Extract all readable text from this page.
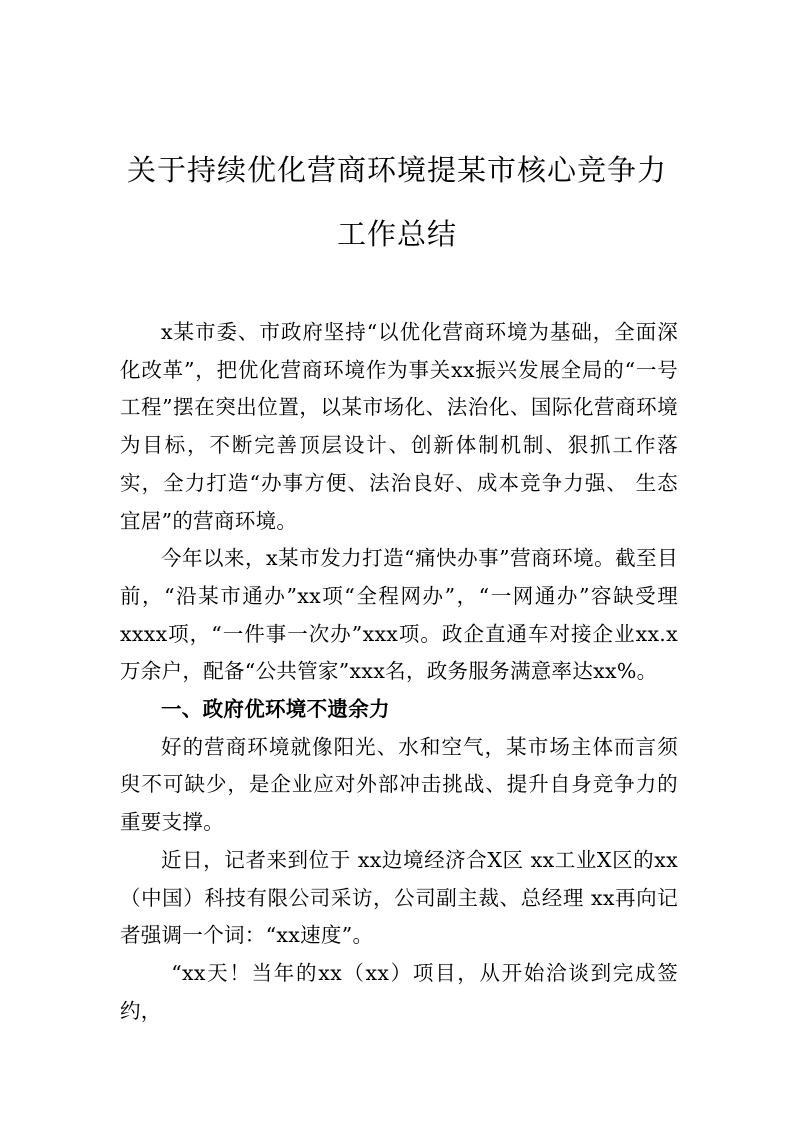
关于持续优化营商环境提某市核心竞争力
工作总结

x某市委、市政府坚持“以优化营商环境为基础，全面深化改革”，把优化营商环境作为事关xx振兴发展全局的“一号工程”摆在突出位置，以某市场化、法治化、国际化营商环境为目标，不断完善顶层设计、创新体制机制、狠抓工作落实，全力打造“办事方便、法治良好、成本竞争力强、 生态宜居”的营商环境。

今年以来，x某市发力打造“痛快办事”营商环境。截至目前，“沿某市通办”xx项“全程网办”，“一网通办”容缺受理 xxxx项，“一件事一次办”xxx项。政企直通车对接企业xx.x万余户，配备“公共管家”xxx名，政务服务满意率达xx%。

一、政府优环境不遗余力

好的营商环境就像阳光、水和空气，某市场主体而言须臾不可缺少，是企业应对外部冲击挑战、提升自身竞争力的重要支撑。

近日，记者来到位于 xx边境经济合X区 xx工业X区的xx（中国）科技有限公司采访，公司副主裁、总经理 xx再向记者强调一个词：“xx速度”。

“xx天！当年的xx（xx）项目，从开始洽谈到完成签约，
